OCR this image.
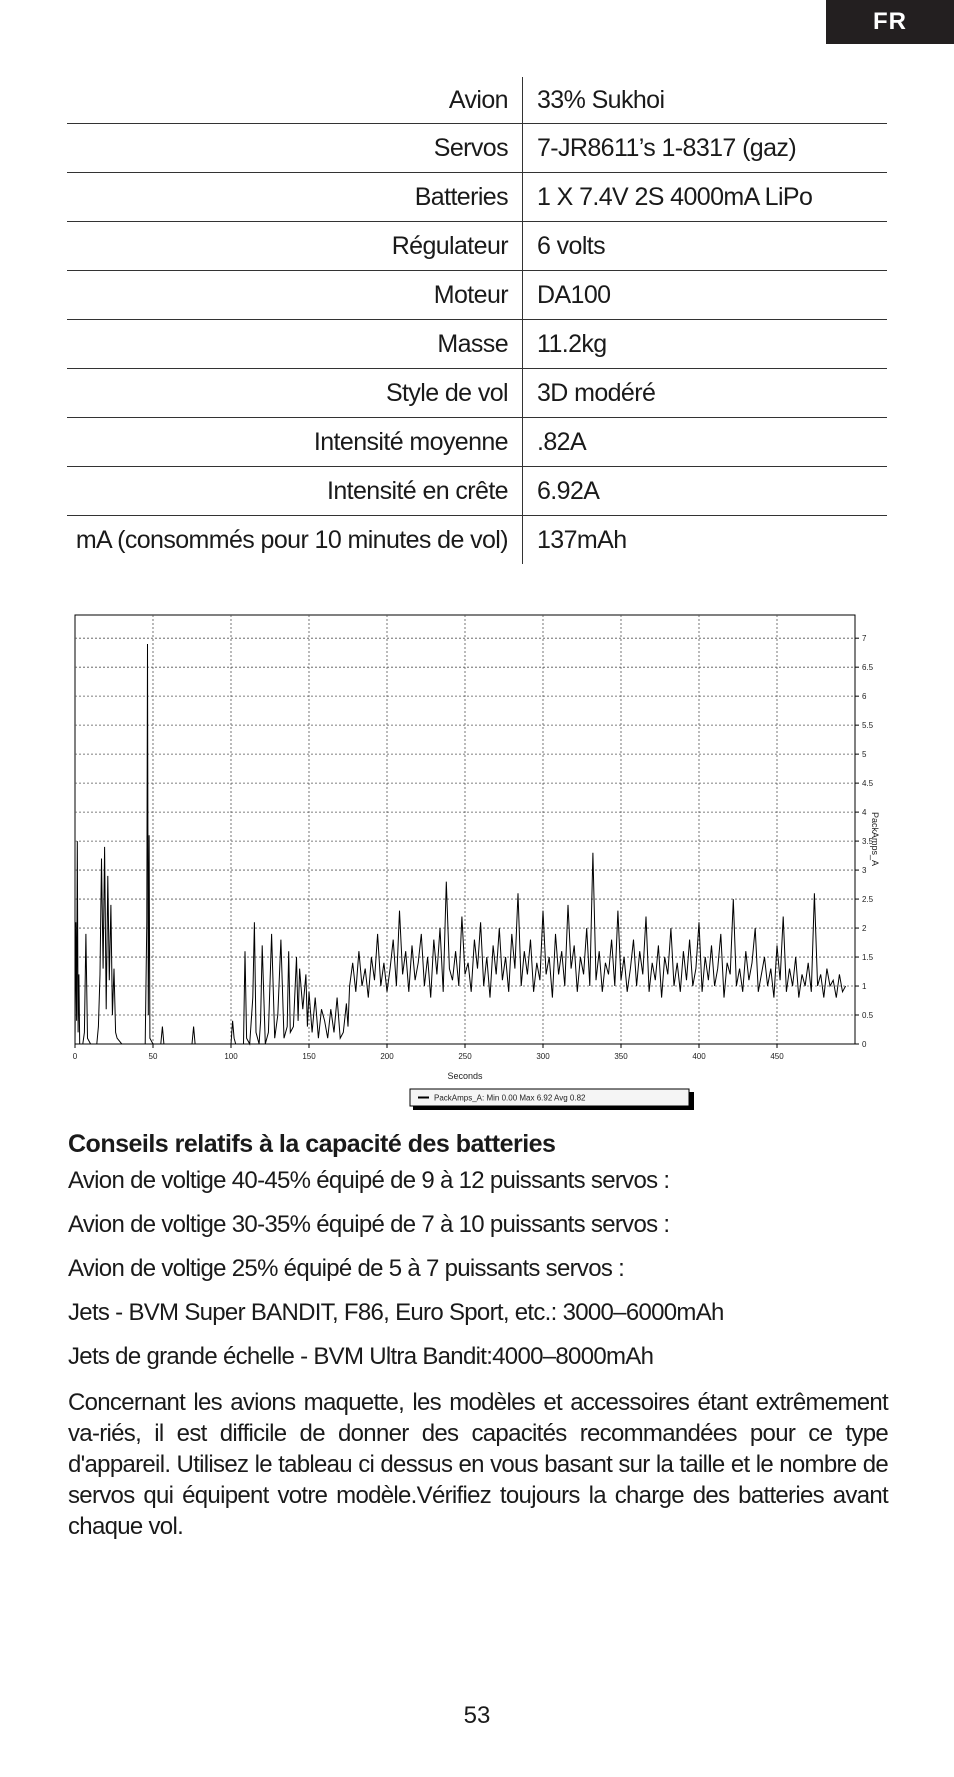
FR
Avion	33% Sukhoi
Servos	7-JR8611’s 1-8317 (gaz)
Batteries	1 X 7.4V 2S 4000mA LiPo
Régulateur	6 volts
Moteur	DA100
Masse	11.2kg
Style de vol	3D modéré
Intensité moyenne	.82A
Intensité en crête	6.92A
mA (consommés pour 10 minutes de vol)	137mAh
0
0.5
1
1.5
2
2.5
3
3.5
4
4.5
5
5.5
6
6.5
7
0	50	100	150	200	250	300	350	400	450
Seconds
PackAmps_A
PackAmps_A: Min 0.00 Max 6.92 Avg 0.82
Conseils relatifs à la capacité des batteries
Avion de voltige 40-45% équipé de 9 à 12 puissants servos :
Avion de voltige 30-35% équipé de 7 à 10 puissants servos :
Avion de voltige 25% équipé de 5 à 7 puissants servos :
Jets - BVM Super BANDIT, F86, Euro Sport, etc.: 3000–6000mAh
Jets de grande échelle - BVM Ultra Bandit:4000–8000mAh
Concernant les avions maquette, les modèles et accessoires étant extrêmement va-riés, il est difficile de donner des capacités recommandées pour ce type d'appareil. Utilisez le tableau ci dessus en vous basant sur la taille et le nombre de servos qui équipent votre modèle.Vérifiez toujours la charge des batteries avant chaque vol.
53
